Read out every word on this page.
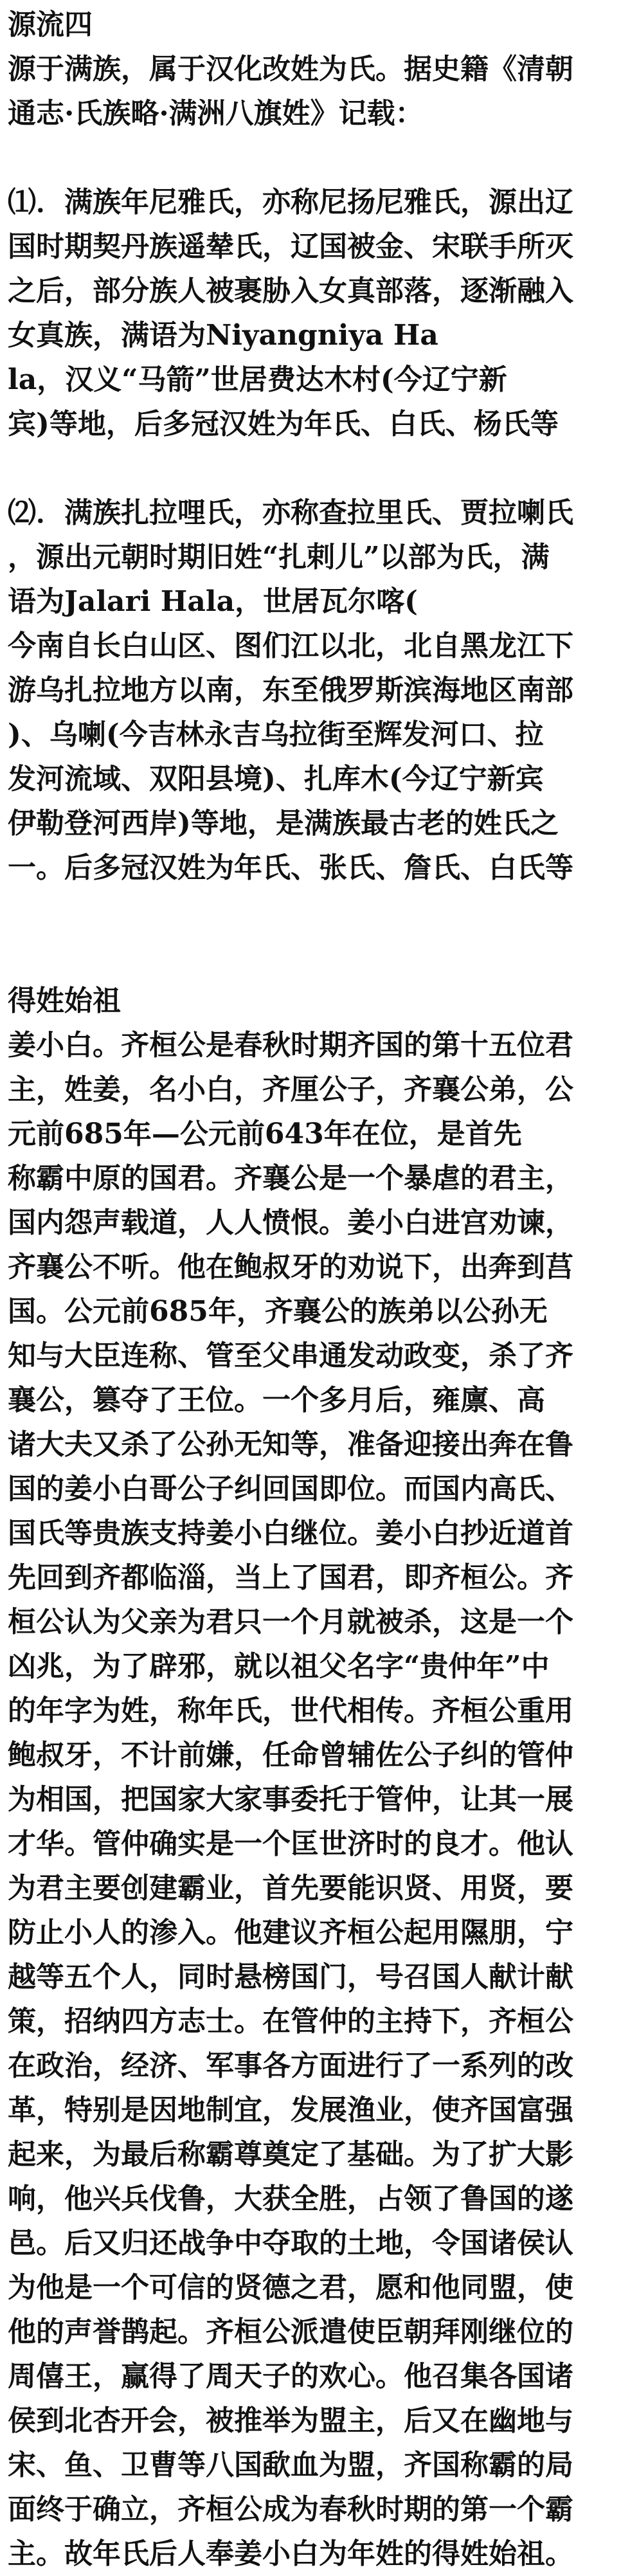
源流四
源于满族，属于汉化改姓为氏。据史籍《清朝
通志·氏族略·满洲八旗姓》记载：
⑴．满族年尼雅氏，亦称尼扬尼雅氏，源出辽
国时期契丹族遥辇氏，辽国被金、宋联手所灭
之后，部分族人被裹胁入女真部落，逐渐融入
女真族，满语为Niyangniya Ha
la，汉义“马箭”世居费达木村(今辽宁新
宾)等地，后多冠汉姓为年氏、白氏、杨氏等
⑵．满族扎拉哩氏，亦称查拉里氏、贾拉喇氏
，源出元朝时期旧姓“扎剌儿”以部为氏，满
语为Jalari Hala，世居瓦尔喀(
今南自长白山区、图们江以北，北自黑龙江下
游乌扎拉地方以南，东至俄罗斯滨海地区南部
)、乌喇(今吉林永吉乌拉街至辉发河口、拉
发河流域、双阳县境)、扎库木(今辽宁新宾
伊勒登河西岸)等地，是满族最古老的姓氏之
一。后多冠汉姓为年氏、张氏、詹氏、白氏等
得姓始祖
姜小白。齐桓公是春秋时期齐国的第十五位君
主，姓姜，名小白，齐厘公子，齐襄公弟，公
元前685年—公元前643年在位，是首先
称霸中原的国君。齐襄公是一个暴虐的君主，
国内怨声载道，人人愤恨。姜小白进宫劝谏，
齐襄公不听。他在鲍叔牙的劝说下，出奔到莒
国。公元前685年，齐襄公的族弟以公孙无
知与大臣连称、管至父串通发动政变，杀了齐
襄公，篡夺了王位。一个多月后，雍廪、高
诸大夫又杀了公孙无知等，准备迎接出奔在鲁
国的姜小白哥公子纠回国即位。而国内高氏、
国氏等贵族支持姜小白继位。姜小白抄近道首
先回到齐都临淄，当上了国君，即齐桓公。齐
桓公认为父亲为君只一个月就被杀，这是一个
凶兆，为了辟邪，就以祖父名字“贵仲年”中
的年字为姓，称年氏，世代相传。齐桓公重用
鲍叔牙，不计前嫌，任命曾辅佐公子纠的管仲
为相国，把国家大家事委托于管仲，让其一展
才华。管仲确实是一个匡世济时的良才。他认
为君主要创建霸业，首先要能识贤、用贤，要
防止小人的渗入。他建议齐桓公起用隰朋，宁
越等五个人，同时悬榜国门，号召国人献计献
策，招纳四方志士。在管仲的主持下，齐桓公
在政治，经济、军事各方面进行了一系列的改
革，特别是因地制宜，发展渔业，使齐国富强
起来，为最后称霸尊奠定了基础。为了扩大影
响，他兴兵伐鲁，大获全胜，占领了鲁国的遂
邑。后又归还战争中夺取的土地，令国诸侯认
为他是一个可信的贤德之君，愿和他同盟，使
他的声誉鹊起。齐桓公派遣使臣朝拜刚继位的
周僖王，赢得了周天子的欢心。他召集各国诸
侯到北杏开会，被推举为盟主，后又在幽地与
宋、鱼、卫曹等八国歃血为盟，齐国称霸的局
面终于确立，齐桓公成为春秋时期的第一个霸
主。故年氏后人奉姜小白为年姓的得姓始祖。
